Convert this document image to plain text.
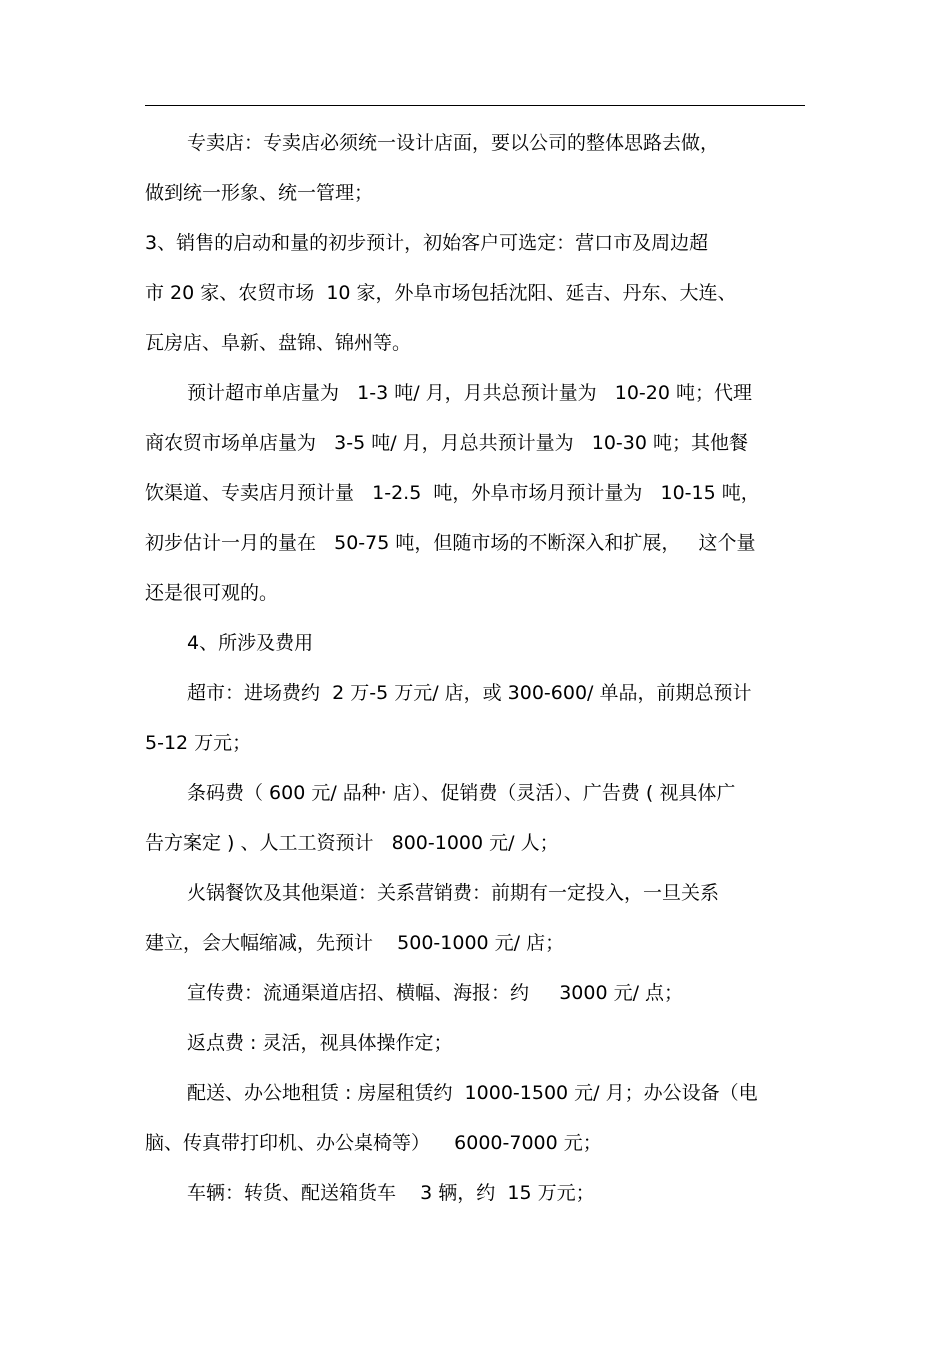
专卖店：专卖店必须统一设计店面，要以公司的整体思路去做，
做到统一形象、统一管理；
3、销售的启动和量的初步预计，初始客户可选定：营口市及周边超
市 20 家、农贸市场  10 家，外阜市场包括沈阳、延吉、丹东、大连、
瓦房店、阜新、盘锦、锦州等。
预计超市单店量为   1-3 吨/ 月，月共总预计量为   10-20 吨；代理
商农贸市场单店量为   3-5 吨/ 月，月总共预计量为   10-30 吨；其他餐
饮渠道、专卖店月预计量   1-2.5  吨，外阜市场月预计量为   10-15 吨，
初步估计一月的量在   50-75 吨，但随市场的不断深入和扩展，   这个量
还是很可观的。
4、所涉及费用
超市：进场费约  2 万-5 万元/ 店，或 300-600/ 单品，前期总预计
5-12 万元；
条码费（ 600 元/ 品种· 店）、促销费（灵活）、广告费 ( 视具体广
告方案定 ) 、人工工资预计   800-1000 元/ 人；
火锅餐饮及其他渠道：关系营销费：前期有一定投入，一旦关系
建立，会大幅缩减，先预计    500-1000 元/ 店；
宣传费：流通渠道店招、横幅、海报：约     3000 元/ 点；
返点费 : 灵活，视具体操作定；
配送、办公地租赁 : 房屋租赁约  1000-1500 元/ 月；办公设备（电
脑、传真带打印机、办公桌椅等）    6000-7000 元；
车辆：转货、配送箱货车    3 辆，约  15 万元；
